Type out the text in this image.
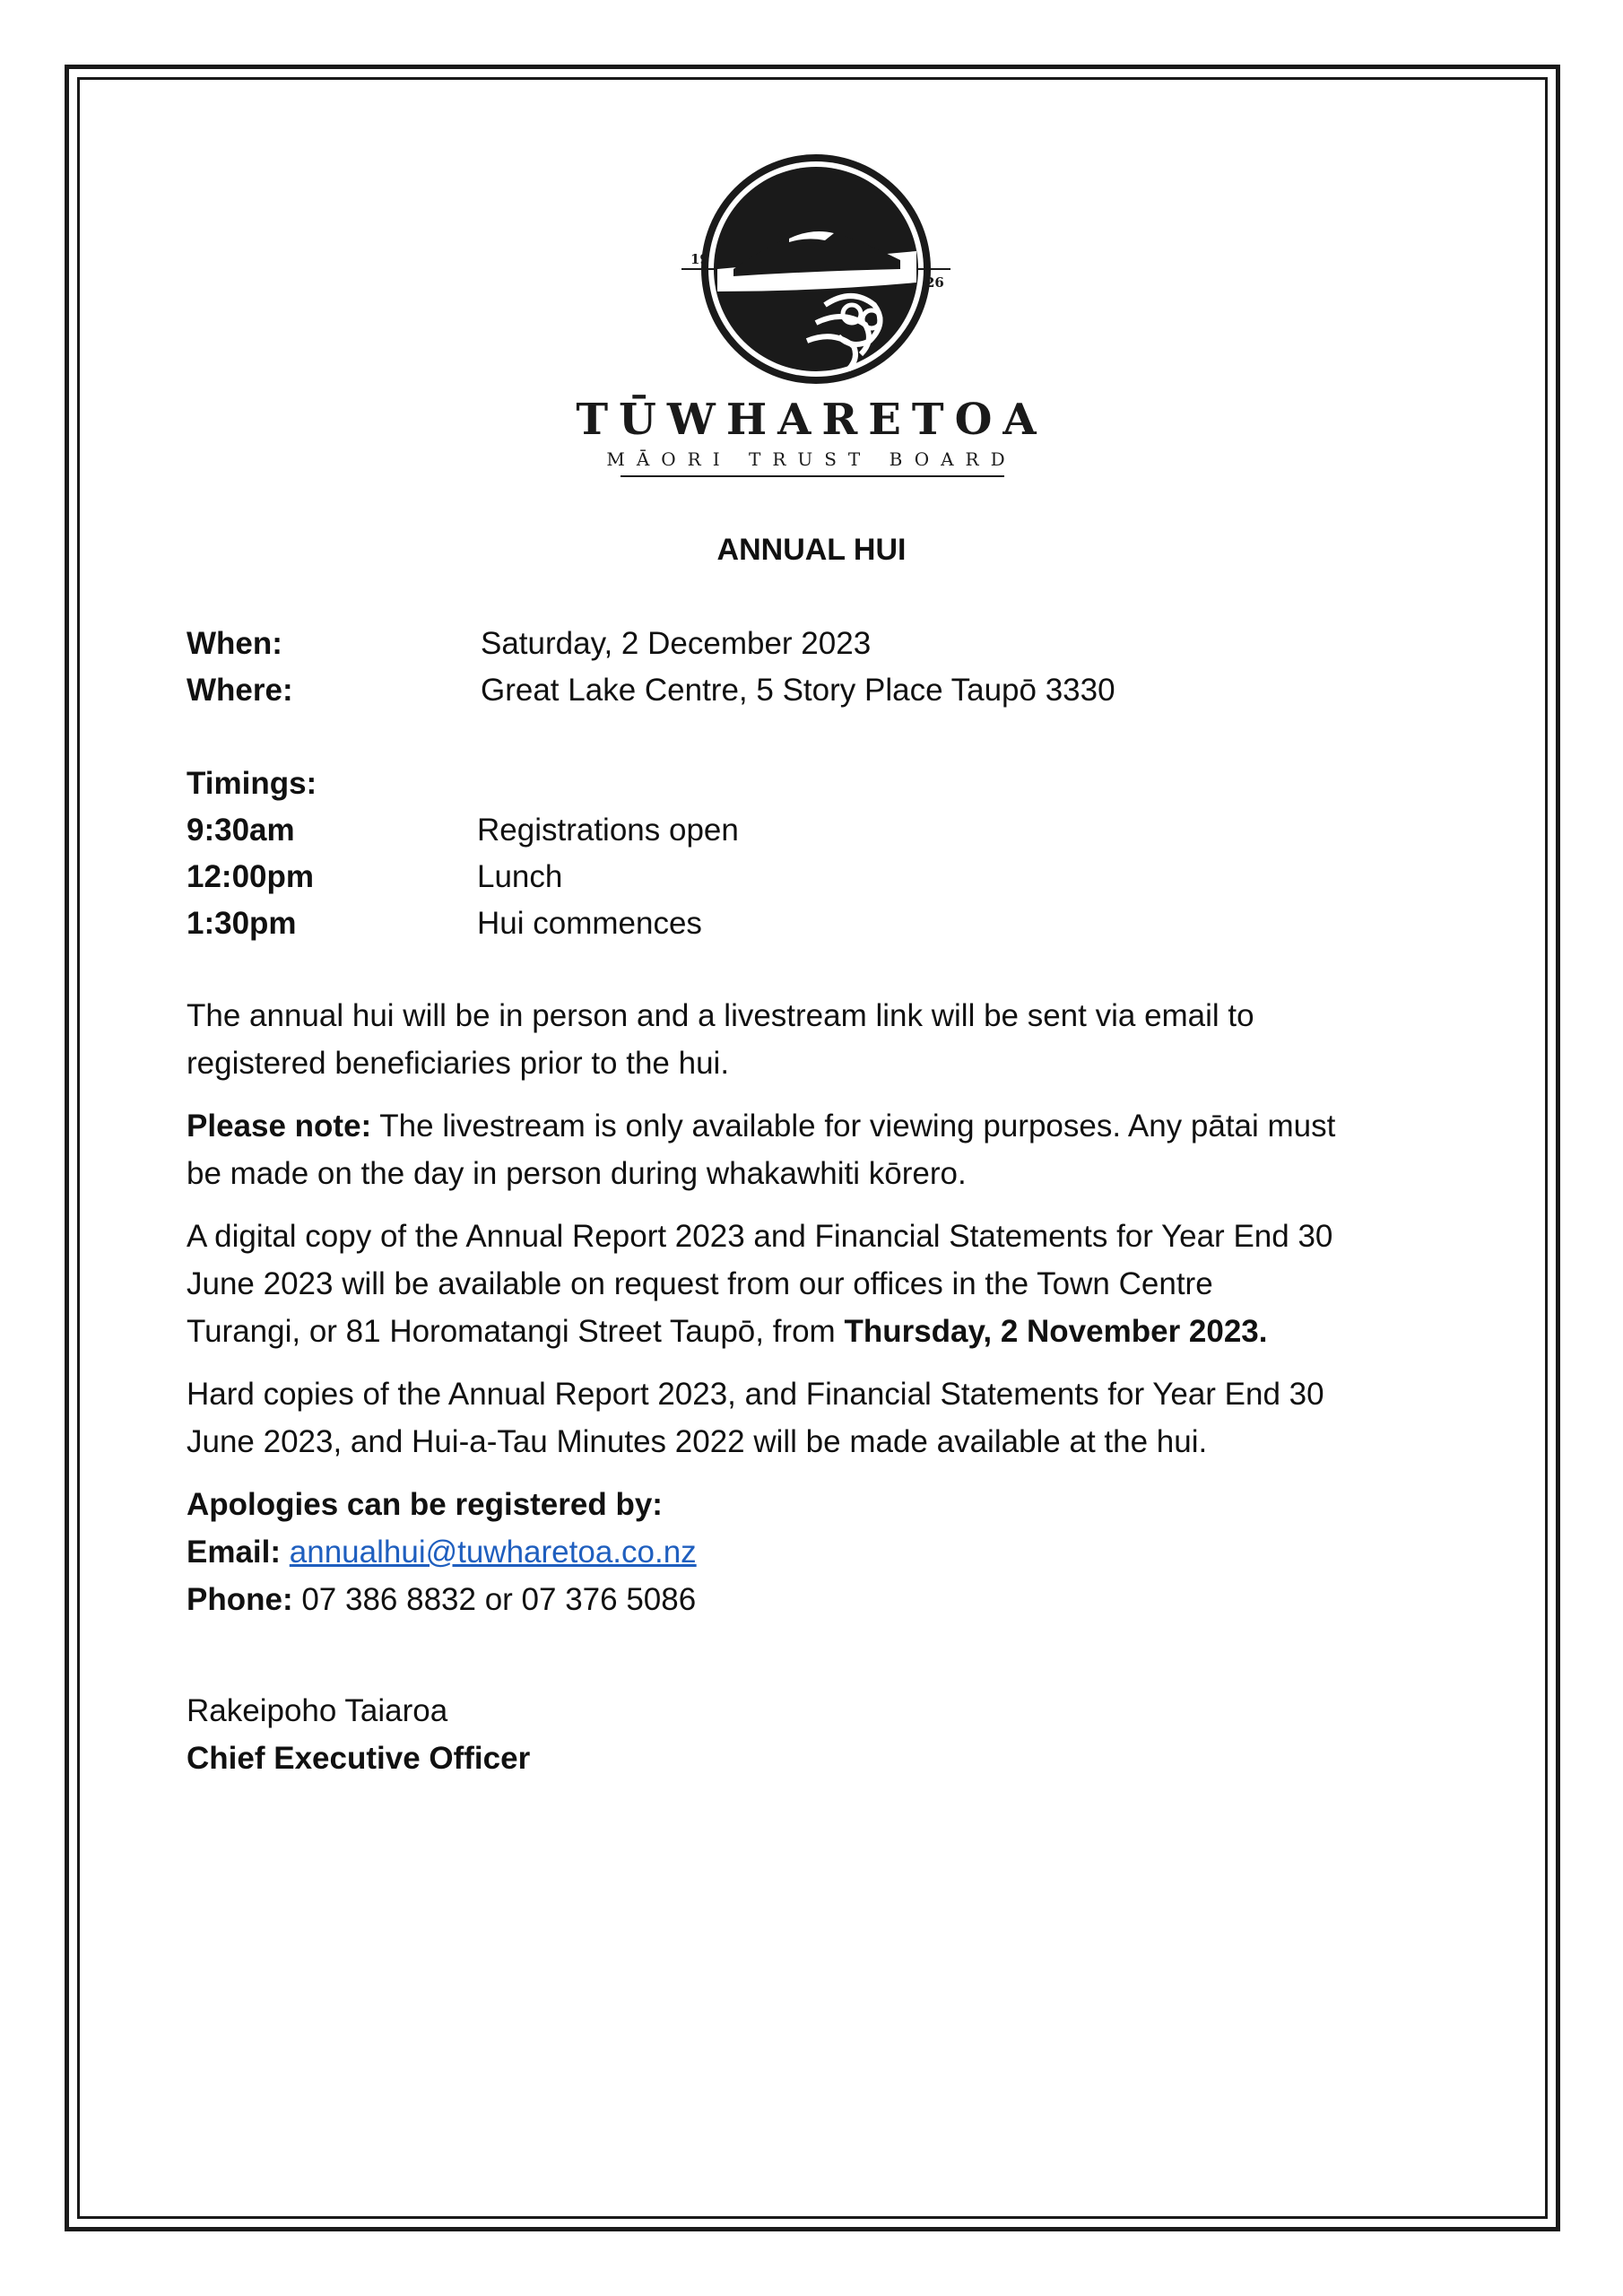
19
26
TŪWHARETOA
MĀORI TRUST BOARD
ANNUAL HUI
When:	Saturday, 2 December 2023
Where:	Great Lake Centre, 5 Story Place Taupō 3330
Timings:
9:30am	Registrations open
12:00pm	Lunch
1:30pm	Hui commences
The annual hui will be in person and a livestream link will be sent via email to
registered beneficiaries prior to the hui.
Please note: The livestream is only available for viewing purposes. Any pātai must
be made on the day in person during whakawhiti kōrero.
A digital copy of the Annual Report 2023 and Financial Statements for Year End 30
June 2023 will be available on request from our offices in the Town Centre
Turangi, or 81 Horomatangi Street Taupō, from Thursday, 2 November 2023.
Hard copies of the Annual Report 2023, and Financial Statements for Year End 30
June 2023, and Hui-a-Tau Minutes 2022 will be made available at the hui.
Apologies can be registered by:
Email: annualhui@tuwharetoa.co.nz
Phone: 07 386 8832 or 07 376 5086
Rakeipoho Taiaroa
Chief Executive Officer
